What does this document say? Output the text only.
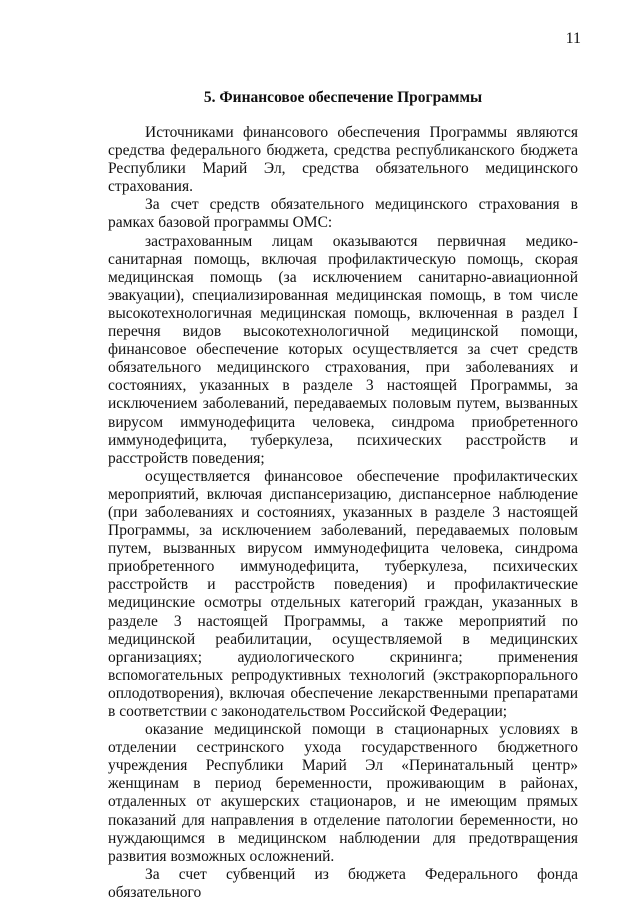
11
5. Финансовое обеспечение Программы

Источниками финансового обеспечения Программы являются средства федерального бюджета, средства республиканского бюджета Республики Марий Эл, средства обязательного медицинского страхования.

За счет средств обязательного медицинского страхования в рамках базовой программы ОМС:

застрахованным лицам оказываются первичная медико-санитарная помощь, включая профилактическую помощь, скорая медицинская помощь (за исключением санитарно-авиационной эвакуации), специализированная медицинская помощь, в том числе высокотехнологичная медицинская помощь, включенная в раздел I перечня видов высокотехнологичной медицинской помощи, финансовое обеспечение которых осуществляется за счет средств обязательного медицинского страхования, при заболеваниях и состояниях, указанных в разделе 3 настоящей Программы, за исключением заболеваний, передаваемых половым путем, вызванных вирусом иммунодефицита человека, синдрома приобретенного иммунодефицита, туберкулеза, психических расстройств и расстройств поведения;

осуществляется финансовое обеспечение профилактических мероприятий, включая диспансеризацию, диспансерное наблюдение (при заболеваниях и состояниях, указанных в разделе 3 настоящей Программы, за исключением заболеваний, передаваемых половым путем, вызванных вирусом иммунодефицита человека, синдрома приобретенного иммунодефицита, туберкулеза, психических расстройств и расстройств поведения) и профилактические медицинские осмотры отдельных категорий граждан, указанных в разделе 3 настоящей Программы, а также мероприятий по медицинской реабилитации, осуществляемой в медицинских организациях; аудиологического скрининга; применения вспомогательных репродуктивных технологий (экстракорпорального оплодотворения), включая обеспечение лекарственными препаратами в соответствии с законодательством Российской Федерации;

оказание медицинской помощи в стационарных условиях в отделении сестринского ухода государственного бюджетного учреждения Республики Марий Эл «Перинатальный центр» женщинам в период беременности, проживающим в районах, отдаленных от акушерских стационаров, и не имеющим прямых показаний для направления в отделение патологии беременности, но нуждающимся в медицинском наблюдении для предотвращения развития возможных осложнений.

За счет субвенций из бюджета Федерального фонда обязательного
